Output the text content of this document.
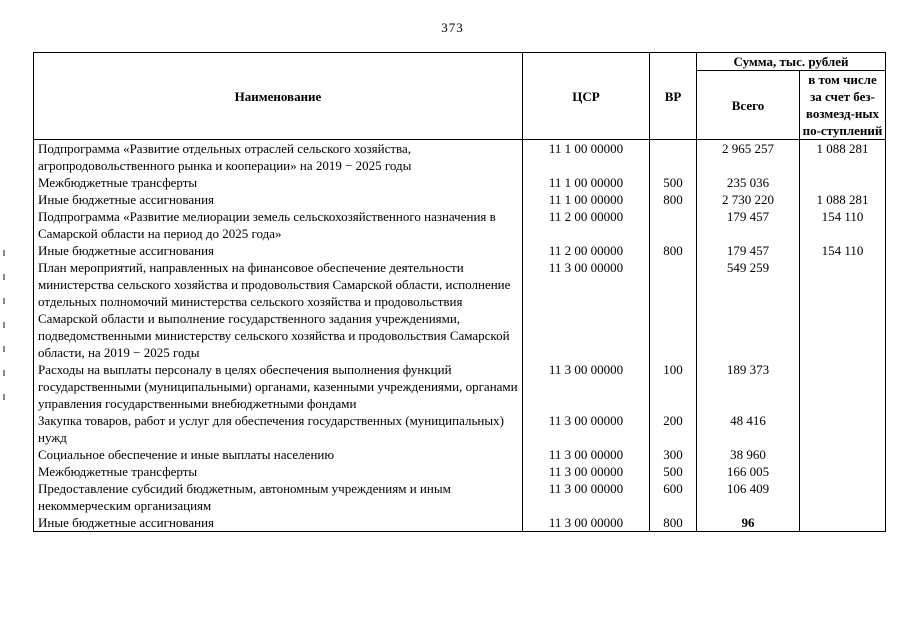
373
Наименование	ЦСР	ВР	Сумма, тыс. рублей	
			Всего	в том числе за счет без-возмезд-ных по-ступлений
Подпрограмма «Развитие отдельных отраслей сельского хозяйства, агропродовольственного рынка и кооперации» на 2019 − 2025 годы	11 1 00 00000		2 965 257	1 088 281
Межбюджетные трансферты	11 1 00 00000	500	235 036	
Иные бюджетные ассигнования	11 1 00 00000	800	2 730 220	1 088 281
Подпрограмма «Развитие мелиорации земель сельскохозяйственного назначения в Самарской области на период до 2025 года»	11 2 00 00000		179 457	154 110
Иные бюджетные ассигнования	11 2 00 00000	800	179 457	154 110
План мероприятий, направленных на финансовое обеспечение деятельности министерства сельского хозяйства и продовольствия Самарской области, исполнение отдельных полномочий министерства сельского хозяйства и продовольствия Самарской области и выполнение государственного задания учреждениями, подведомственными министерству сельского хозяйства и продовольствия Самарской области, на 2019 − 2025 годы	11 3 00 00000		549 259	
Расходы на выплаты персоналу в целях обеспечения выполнения функций государственными (муниципальными) органами, казенными учреждениями, органами управления государственными внебюджетными фондами	11 3 00 00000	100	189 373	
Закупка товаров, работ и услуг для обеспечения государственных (муниципальных) нужд	11 3 00 00000	200	48 416	
Социальное обеспечение и иные выплаты населению	11 3 00 00000	300	38 960	
Межбюджетные трансферты	11 3 00 00000	500	166 005	
Предоставление субсидий бюджетным, автономным учреждениям и иным некоммерческим организациям	11 3 00 00000	600	106 409	
Иные бюджетные ассигнования	11 3 00 00000	800	96	
